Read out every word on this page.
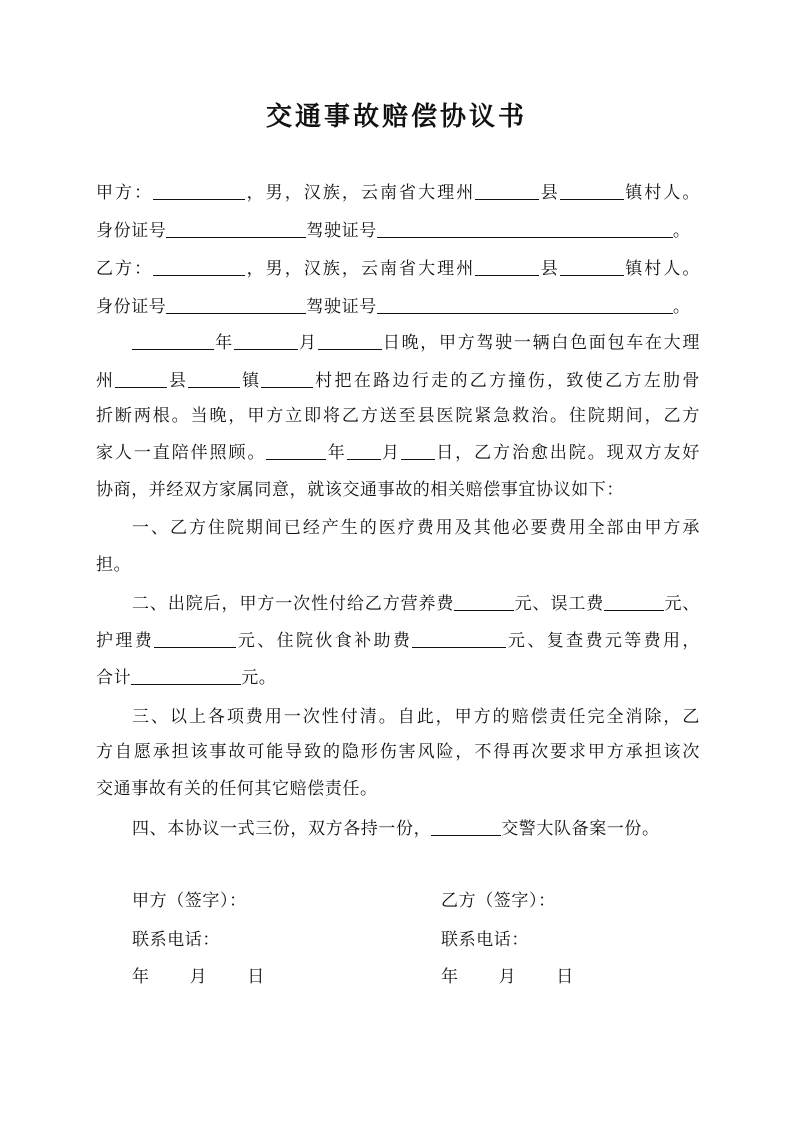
交通事故赔偿协议书
甲方：	，男，汉族，云南省大理州	县	镇村人。
身份证号	驾驶证号	。
乙方：	，男，汉族，云南省大理州	县	镇村人。
身份证号	驾驶证号	。
年	月	日晚，甲方驾驶一辆白色面包车在大理
州	县	镇	村把在路边行走的乙方撞伤，致使乙方左肋骨
折断两根。当晚，甲方立即将乙方送至县医院紧急救治。住院期间，乙方
家人一直陪伴照顾。	年 月 日，乙方治愈出院。现双方友好
协商，并经双方家属同意，就该交通事故的相关赔偿事宜协议如下：
一、乙方住院期间已经产生的医疗费用及其他必要费用全部由甲方承
担。
二、出院后，甲方一次性付给乙方营养费	元、误工费	元、
护理费	元、住院伙食补助费	元、复查费元等费用，
合计	元。
三、以上各项费用一次性付清。自此，甲方的赔偿责任完全消除，乙
方自愿承担该事故可能导致的隐形伤害风险，不得再次要求甲方承担该次
交通事故有关的任何其它赔偿责任。
四、本协议一式三份，双方各持一份，	交警大队备案一份。
甲方（签字）：	乙方（签字）：
联系电话：	联系电话：
年 月 日	年 月 日
